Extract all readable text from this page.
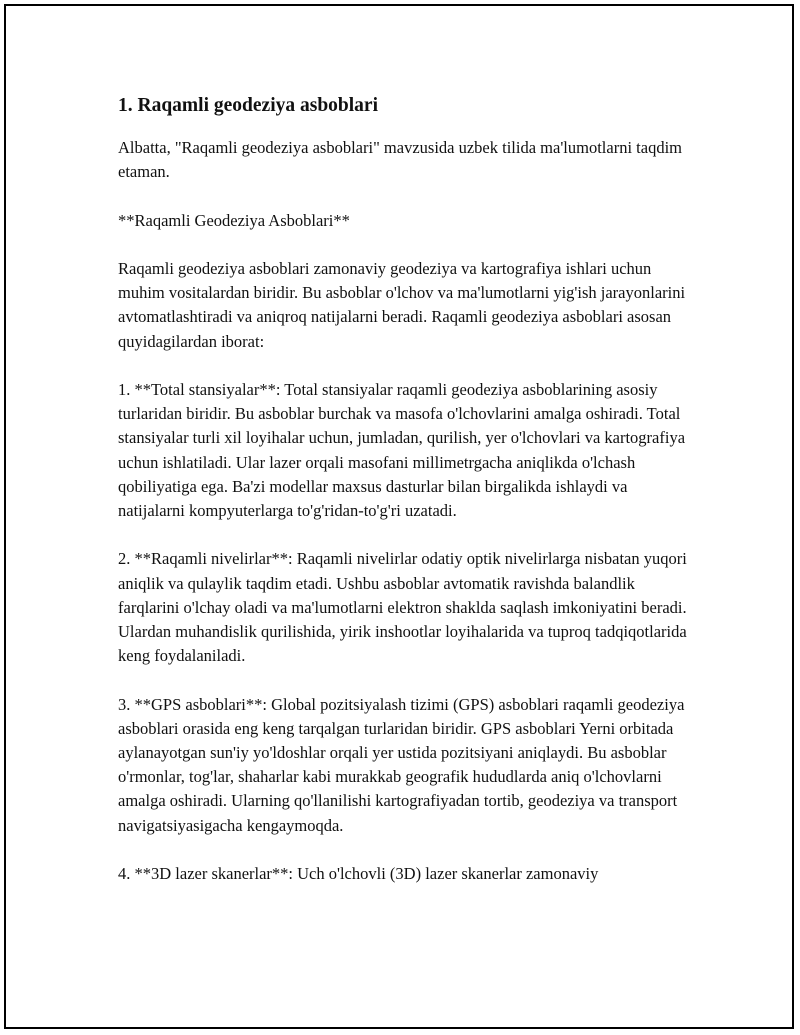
1. Raqamli geodeziya asboblari

Albatta, "Raqamli geodeziya asboblari" mavzusida uzbek tilida ma'lumotlarni taqdim etaman.

**Raqamli Geodeziya Asboblari**

Raqamli geodeziya asboblari zamonaviy geodeziya va kartografiya ishlari uchun muhim vositalardan biridir. Bu asboblar o'lchov va ma'lumotlarni yig'ish jarayonlarini avtomatlashtiradi va aniqroq natijalarni beradi. Raqamli geodeziya asboblari asosan quyidagilardan iborat:

1. **Total stansiyalar**: Total stansiyalar raqamli geodeziya asboblarining asosiy turlaridan biridir. Bu asboblar burchak va masofa o'lchovlarini amalga oshiradi. Total stansiyalar turli xil loyihalar uchun, jumladan, qurilish, yer o'lchovlari va kartografiya uchun ishlatiladi. Ular lazer orqali masofani millimetrgacha aniqlikda o'lchash qobiliyatiga ega. Ba'zi modellar maxsus dasturlar bilan birgalikda ishlaydi va natijalarni kompyuterlarga to'g'ridan-to'g'ri uzatadi.

2. **Raqamli nivelirlar**: Raqamli nivelirlar odatiy optik nivelirlarga nisbatan yuqori aniqlik va qulaylik taqdim etadi. Ushbu asboblar avtomatik ravishda balandlik farqlarini o'lchay oladi va ma'lumotlarni elektron shaklda saqlash imkoniyatini beradi. Ulardan muhandislik qurilishida, yirik inshootlar loyihalarida va tuproq tadqiqotlarida keng foydalaniladi.

3. **GPS asboblari**: Global pozitsiyalash tizimi (GPS) asboblari raqamli geodeziya asboblari orasida eng keng tarqalgan turlaridan biridir. GPS asboblari Yerni orbitada aylanayotgan sun'iy yo'ldoshlar orqali yer ustida pozitsiyani aniqlaydi. Bu asboblar o'rmonlar, tog'lar, shaharlar kabi murakkab geografik hududlarda aniq o'lchovlarni amalga oshiradi. Ularning qo'llanilishi kartografiyadan tortib, geodeziya va transport navigatsiyasigacha kengaymoqda.

4. **3D lazer skanerlar**: Uch o'lchovli (3D) lazer skanerlar zamonaviy
